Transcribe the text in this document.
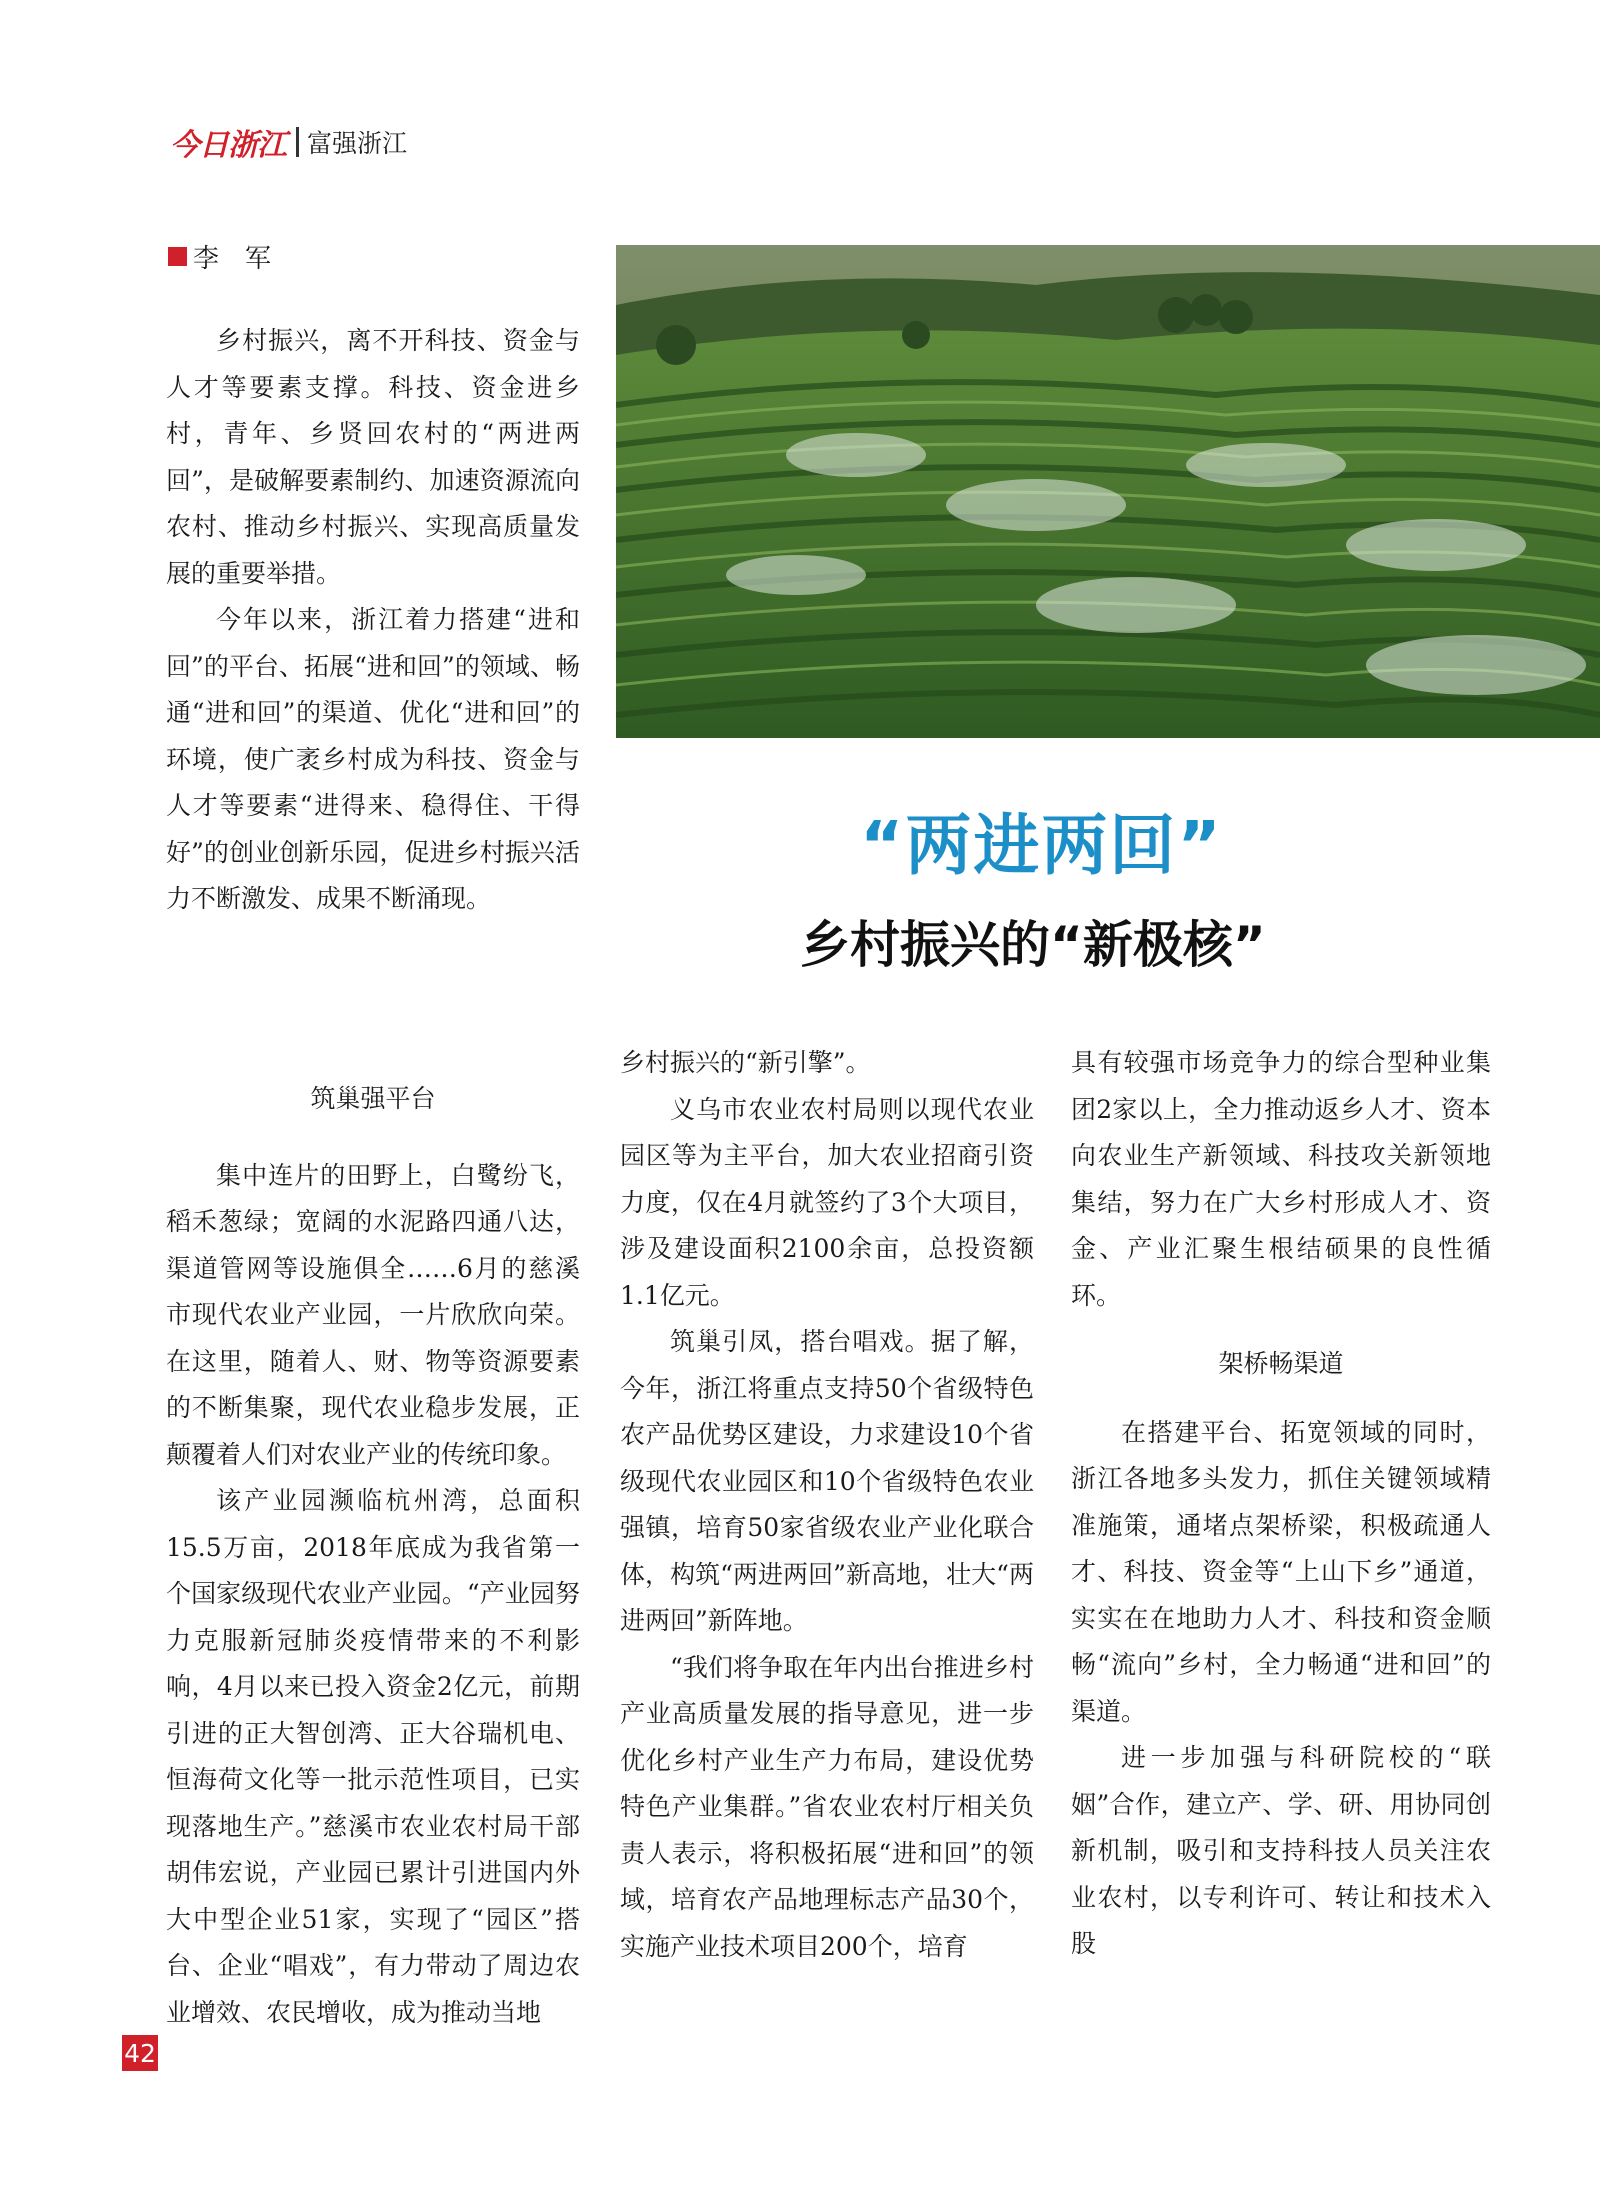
今日浙江 富强浙江
李　军
“两进两回”
乡村振兴的“新极核”

乡村振兴，离不开科技、资金与人才等要素支撑。科技、资金进乡村，青年、乡贤回农村的“两进两回”，是破解要素制约、加速资源流向农村、推动乡村振兴、实现高质量发展的重要举措。

今年以来，浙江着力搭建“进和回”的平台、拓展“进和回”的领域、畅通“进和回”的渠道、优化“进和回”的环境，使广袤乡村成为科技、资金与人才等要素“进得来、稳得住、干得好”的创业创新乐园，促进乡村振兴活力不断激发、成果不断涌现。

筑巢强平台

集中连片的田野上，白鹭纷飞，稻禾葱绿；宽阔的水泥路四通八达，渠道管网等设施俱全……6月的慈溪市现代农业产业园，一片欣欣向荣。在这里，随着人、财、物等资源要素的不断集聚，现代农业稳步发展，正颠覆着人们对农业产业的传统印象。

该产业园濒临杭州湾，总面积15.5万亩，2018年底成为我省第一个国家级现代农业产业园。“产业园努力克服新冠肺炎疫情带来的不利影响，4月以来已投入资金2亿元，前期引进的正大智创湾、正大谷瑞机电、恒海荷文化等一批示范性项目，已实现落地生产。”慈溪市农业农村局干部胡伟宏说，产业园已累计引进国内外大中型企业51家，实现了“园区”搭台、企业“唱戏”，有力带动了周边农业增效、农民增收，成为推动当地

乡村振兴的“新引擎”。

义乌市农业农村局则以现代农业园区等为主平台，加大农业招商引资力度，仅在4月就签约了3个大项目，涉及建设面积2100余亩，总投资额1.1亿元。

筑巢引凤，搭台唱戏。据了解，今年，浙江将重点支持50个省级特色农产品优势区建设，力求建设10个省级现代农业园区和10个省级特色农业强镇，培育50家省级农业产业化联合体，构筑“两进两回”新高地，壮大“两进两回”新阵地。

“我们将争取在年内出台推进乡村产业高质量发展的指导意见，进一步优化乡村产业生产力布局，建设优势特色产业集群。”省农业农村厅相关负责人表示，将积极拓展“进和回”的领域，培育农产品地理标志产品30个，实施产业技术项目200个，培育

具有较强市场竞争力的综合型种业集团2家以上，全力推动返乡人才、资本向农业生产新领域、科技攻关新领地集结，努力在广大乡村形成人才、资金、产业汇聚生根结硕果的良性循环。

架桥畅渠道

在搭建平台、拓宽领域的同时，浙江各地多头发力，抓住关键领域精准施策，通堵点架桥梁，积极疏通人才、科技、资金等“上山下乡”通道，实实在在地助力人才、科技和资金顺畅“流向”乡村，全力畅通“进和回”的渠道。

进一步加强与科研院校的“联姻”合作，建立产、学、研、用协同创新机制，吸引和支持科技人员关注农业农村，以专利许可、转让和技术入股

42
